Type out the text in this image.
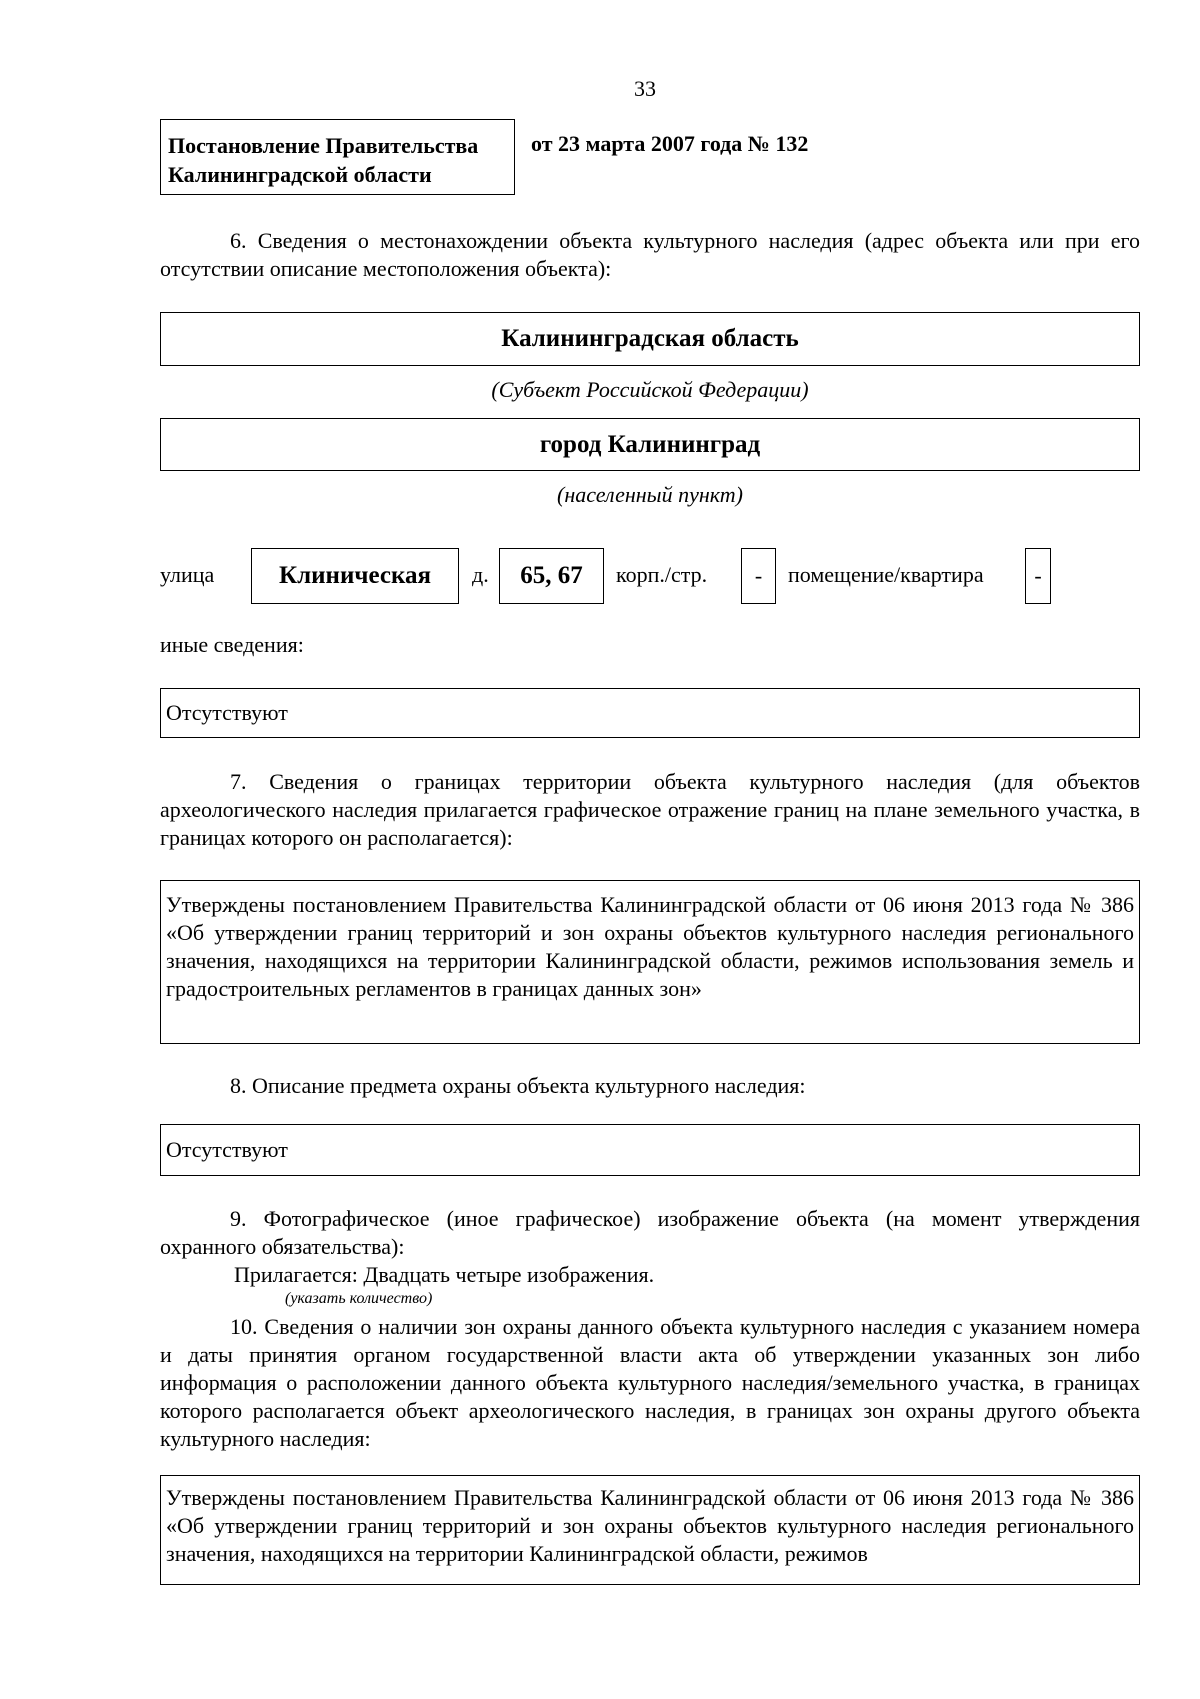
33
Постановление Правительства
Калининградской области
от 23 марта 2007 года № 132
6. Сведения о местонахождении объекта культурного наследия (адрес объекта или при его отсутствии описание местоположения объекта):
Калининградская область
(Субъект Российской Федерации)
город Калининград
(населенный пункт)
улица	Клиническая	д.	65, 67	корп./стр.	-	помещение/квартира	-
иные сведения:
Отсутствуют
7. Сведения о границах территории объекта культурного наследия (для объектов археологического наследия прилагается графическое отражение границ на плане земельного участка, в границах которого он располагается):
Утверждены постановлением Правительства Калининградской области от 06 июня 2013 года № 386 «Об утверждении границ территорий и зон охраны объектов культурного наследия регионального значения, находящихся на территории Калининградской области, режимов использования земель и градостроительных регламентов в границах данных зон»
8. Описание предмета охраны объекта культурного наследия:
Отсутствуют
9. Фотографическое (иное графическое) изображение объекта (на момент утверждения охранного обязательства):
Прилагается: Двадцать четыре изображения.
(указать количество)
10. Сведения о наличии зон охраны данного объекта культурного наследия с указанием номера и даты принятия органом государственной власти акта об утверждении указанных зон либо информация о расположении данного объекта культурного наследия/земельного участка, в границах которого располагается объект археологического наследия, в границах зон охраны другого объекта культурного наследия:
Утверждены постановлением Правительства Калининградской области от 06 июня 2013 года № 386 «Об утверждении границ территорий и зон охраны объектов культурного наследия регионального значения, находящихся на территории Калининградской области, режимов
